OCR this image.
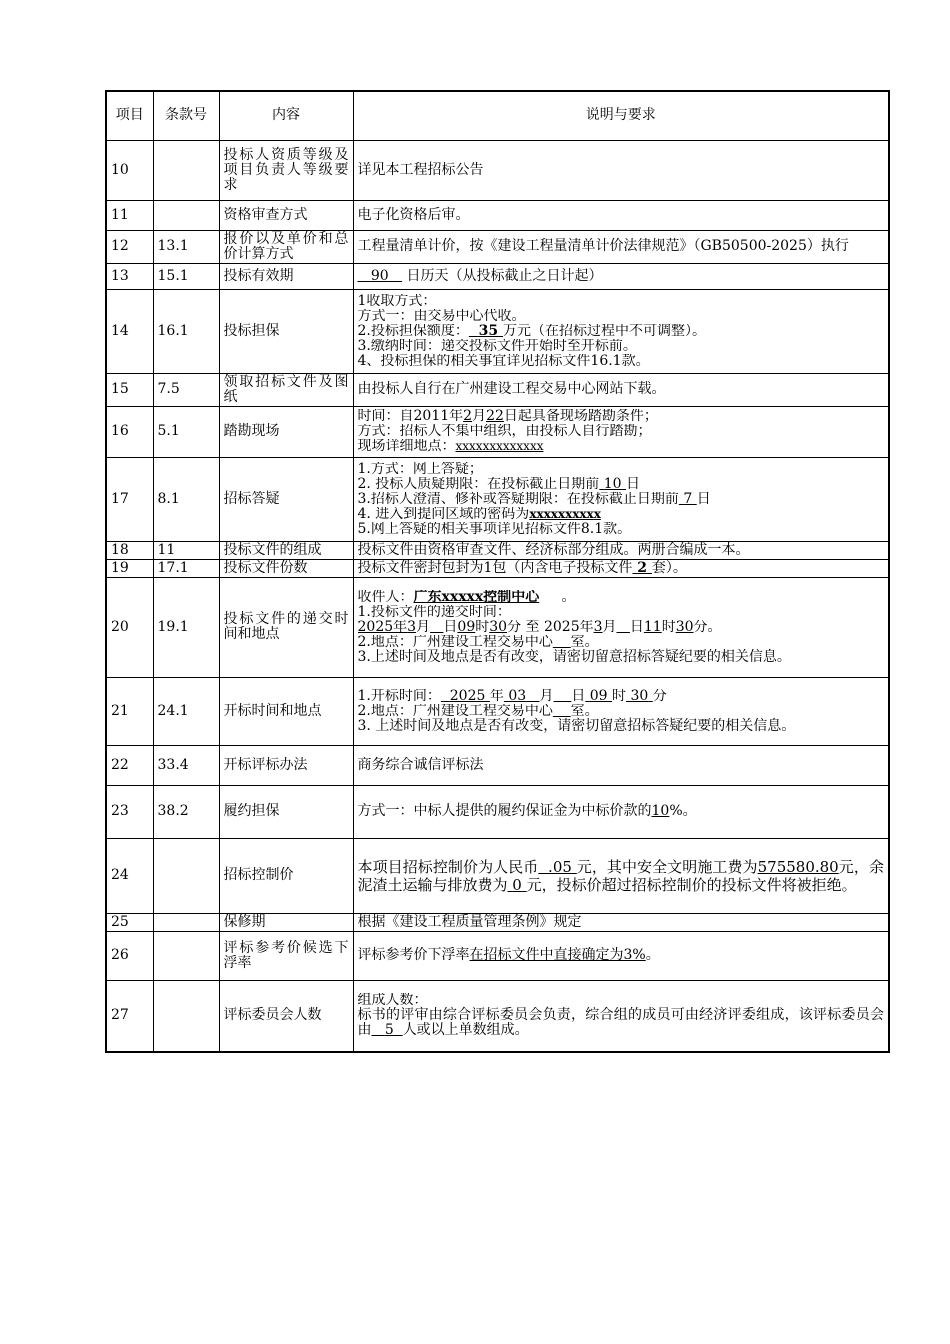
项目	条款号	内容	说明与要求
10		投标人资质等级及项目负责人等级要求	详见本工程招标公告
11		资格审查方式	电子化资格后审。
12	13.1	报价以及单价和总价计算方式	工程量清单计价，按《建设工程量清单计价法律规范》（GB50500-2025）执行
13	15.1	投标有效期	90 日历天（从投标截止之日计起）
14	16.1	投标担保	1收取方式：
方式一：由交易中心代收。
2.投标担保额度： 35 万元（在招标过程中不可调整）。
3.缴纳时间：递交投标文件开始时至开标前。
4、投标担保的相关事宜详见招标文件16.1款。

15	7.5	领取招标文件及图纸	由投标人自行在广州建设工程交易中心网站下载。
16	5.1	踏勘现场	时间：自2011年2月22日起具备现场踏勘条件；
方式：招标人不集中组织，由投标人自行踏勘；
现场详细地点：xxxxxxxxxxxxx

17	8.1	招标答疑	1.方式：网上答疑；
2. 投标人质疑期限：在投标截止日期前 10 日
3.招标人澄清、修补或答疑期限：在投标截止日期前 7 日
4. 进入到提问区域的密码为xxxxxxxxxx
5.网上答疑的相关事项详见招标文件8.1款。

18	11	投标文件的组成	投标文件由资格审查文件、经济标部分组成。两册合编成一本。
19	17.1	投标文件份数	投标文件密封包封为1包（内含电子投标文件 2 套）。
20	19.1	投标文件的递交时间和地点	收件人：广东xxxxx控制中心 。
1.投标文件的递交时间：
2025年3月 日09时30分 至 2025年3月 日11时30分。
2.地点：广州建设工程交易中心 室。
3.上述时间及地点是否有改变，请密切留意招标答疑纪要的相关信息。

21	24.1	开标时间和地点	1.开标时间： 2025 年 03 月 日 09 时 30 分
2.地点：广州建设工程交易中心 室。
3. 上述时间及地点是否有改变，请密切留意招标答疑纪要的相关信息。

22	33.4	开标评标办法	商务综合诚信评标法
23	38.2	履约担保	方式一：中标人提供的履约保证金为中标价款的10%。
24		招标控制价	本项目招标控制价为人民币 .05 元，其中安全文明施工费为575580.80元，余泥渣土运输与排放费为 0 元，投标价超过招标控制价的投标文件将被拒绝。
25		保修期	根据《建设工程质量管理条例》规定
26		评标参考价候选下浮率	评标参考价下浮率在招标文件中直接确定为3%。
27		评标委员会人数	组成人数：
标书的评审由综合评标委员会负责，综合组的成员可由经济评委组成，该评标委员会由 5 人或以上单数组成。
